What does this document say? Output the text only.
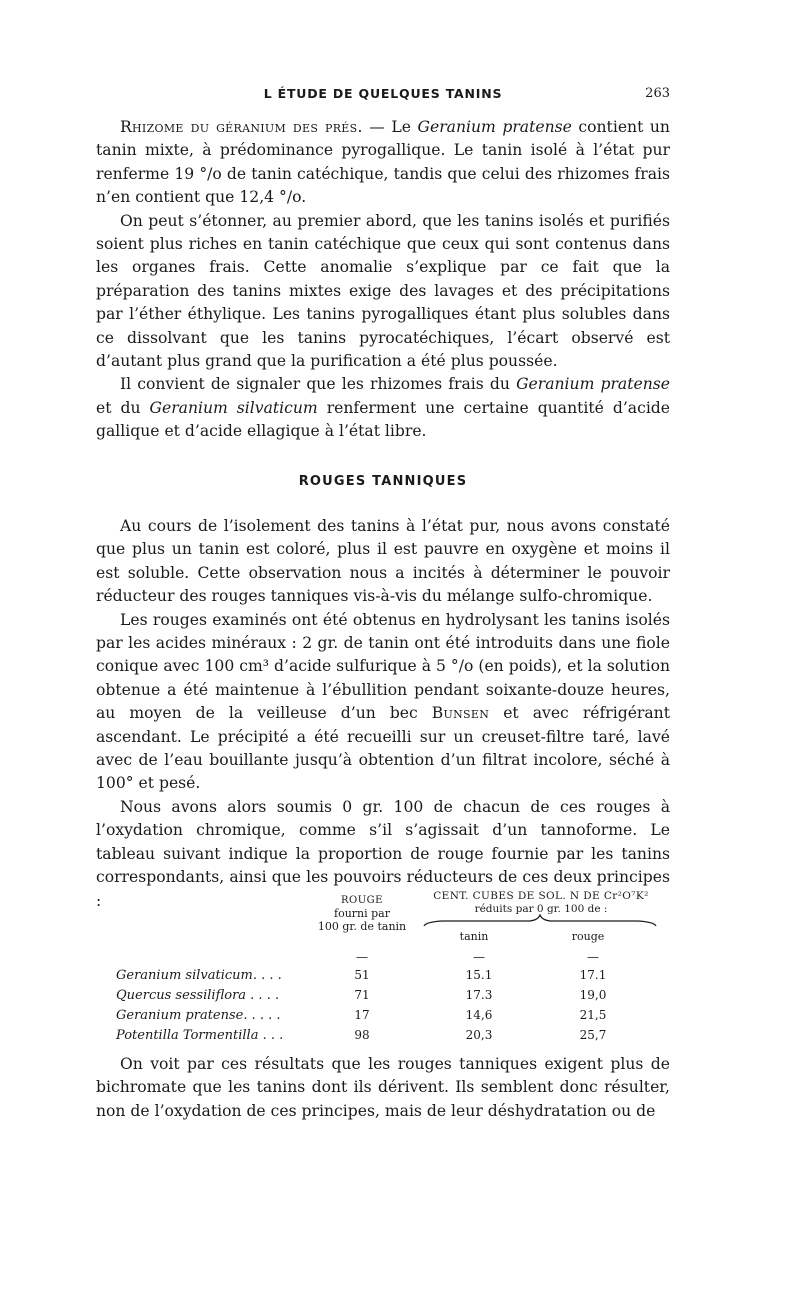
L ÉTUDE DE QUELQUES TANINS	263

Rhizome du géranium des prés. — Le Geranium pratense contient un tanin mixte, à prédominance pyrogallique. Le tanin isolé à l’état pur renferme 19 °/o de tanin catéchique, tandis que celui des rhizomes frais n’en contient que 12,4 °/o.

On peut s’étonner, au premier abord, que les tanins isolés et purifiés soient plus riches en tanin catéchique que ceux qui sont contenus dans les organes frais. Cette anomalie s’explique par ce fait que la préparation des tanins mixtes exige des lavages et des précipitations par l’éther éthylique. Les tanins pyrogalliques étant plus solubles dans ce dissolvant que les tanins pyrocatéchiques, l’écart observé est d’autant plus grand que la purification a été plus poussée.

Il convient de signaler que les rhizomes frais du Geranium pratense et du Geranium silvaticum renferment une certaine quantité d’acide gallique et d’acide ellagique à l’état libre.

ROUGES TANNIQUES

Au cours de l’isolement des tanins à l’état pur, nous avons constaté que plus un tanin est coloré, plus il est pauvre en oxygène et moins il est soluble. Cette observation nous a incités à déterminer le pouvoir réducteur des rouges tanniques vis-à-vis du mélange sulfo-chromique.

Les rouges examinés ont été obtenus en hydrolysant les tanins isolés par les acides minéraux : 2 gr. de tanin ont été introduits dans une fiole conique avec 100 cm³ d’acide sulfurique à 5 °/o (en poids), et la solution obtenue a été maintenue à l’ébullition pendant soixante-douze heures, au moyen de la veilleuse d’un bec Bunsen et avec réfrigérant ascendant. Le précipité a été recueilli sur un creuset-filtre taré, lavé avec de l’eau bouillante jusqu’à obtention d’un filtrat incolore, séché à 100° et pesé.

Nous avons alors soumis 0 gr. 100 de chacun de ces rouges à l’oxydation chromique, comme s’il s’agissait d’un tannoforme. Le tableau suivant indique la proportion de rouge fournie par les tanins correspondants, ainsi que les pouvoirs réducteurs de ces deux principes :	ROUGE
fourni par
100 gr. de tanin
CENT. CUBES DE SOL. N DE Cr²O⁷K²
réduits par 0 gr. 100 de :
tanin	rouge
—	—	—
Geranium silvaticum. . . .	51	15.1	17.1
Quercus sessiliflora . . . .	71	17.3	19,0
Geranium pratense. . . . .	17	14,6	21,5
Potentilla Tormentilla . . .	98	20,3	25,7

On voit par ces résultats que les rouges tanniques exigent plus de bichromate que les tanins dont ils dérivent. Ils semblent donc résulter, non de l’oxydation de ces principes, mais de leur déshydratation ou de
